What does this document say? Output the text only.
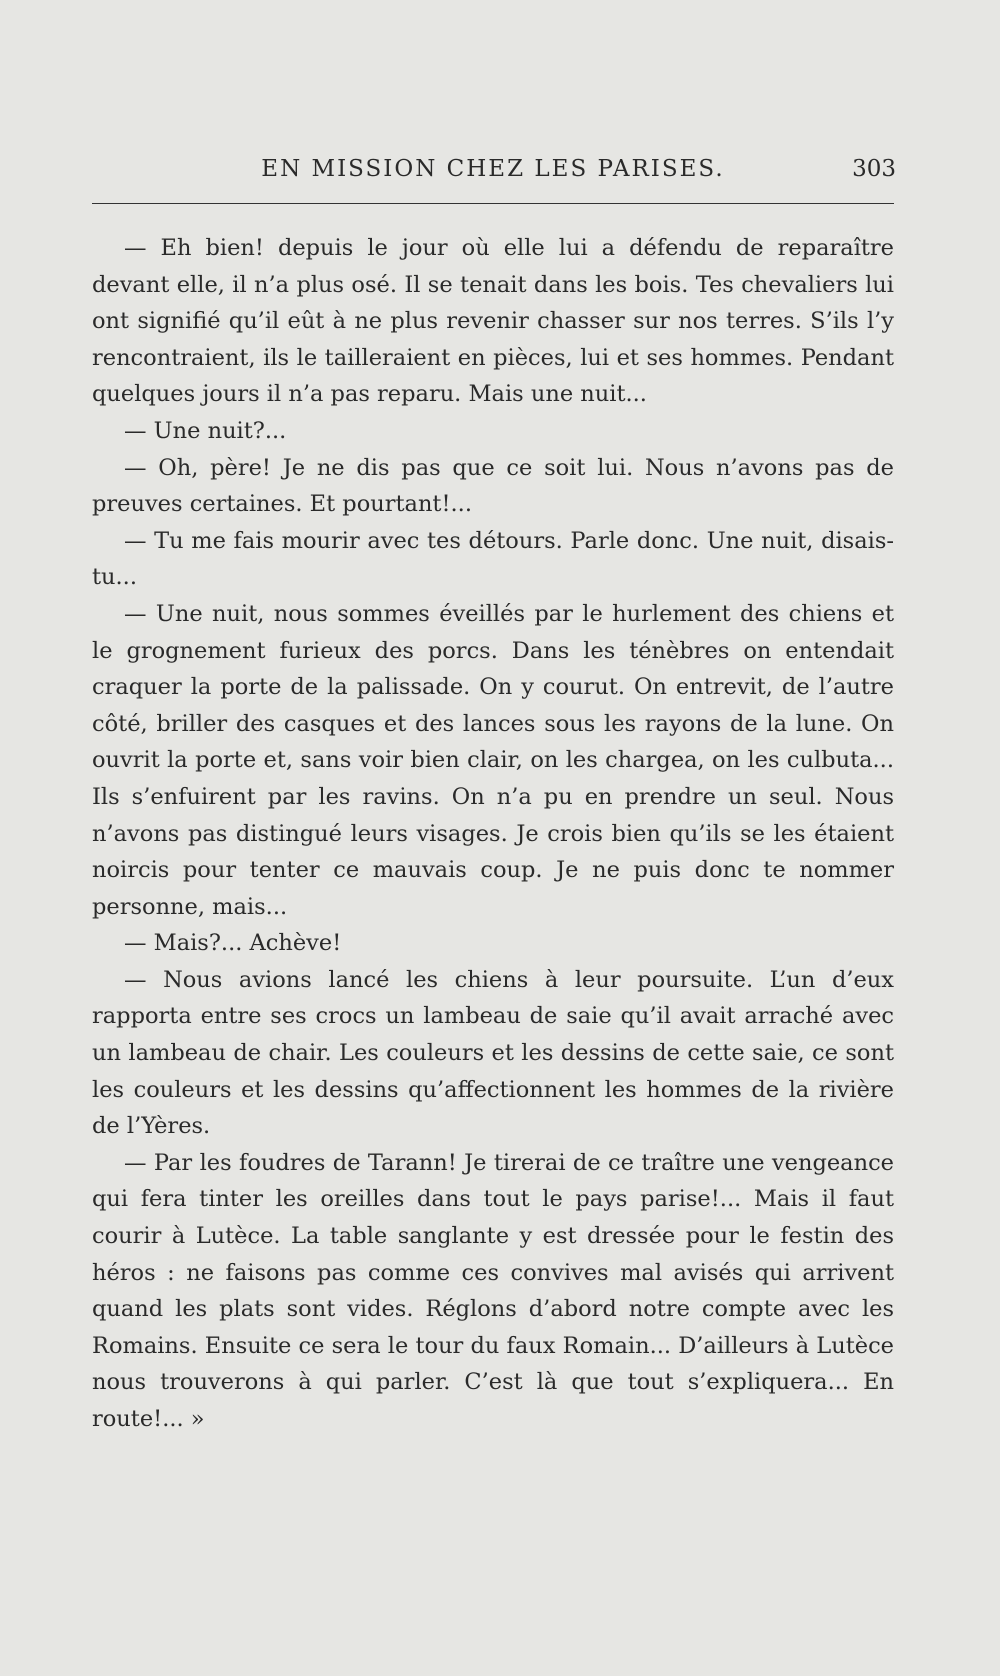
EN MISSION CHEZ LES PARISES.	303

— Eh bien! depuis le jour où elle lui a défendu de reparaître devant elle, il n’a plus osé. Il se tenait dans les bois. Tes chevaliers lui ont signifié qu’il eût à ne plus revenir chasser sur nos terres. S’ils l’y rencontraient, ils le tailleraient en pièces, lui et ses hommes. Pendant quelques jours il n’a pas reparu. Mais une nuit...

— Une nuit?...

— Oh, père! Je ne dis pas que ce soit lui. Nous n’avons pas de preuves certaines. Et pourtant!...

— Tu me fais mourir avec tes détours. Parle donc. Une nuit, disais-tu...

— Une nuit, nous sommes éveillés par le hurlement des chiens et le grognement furieux des porcs. Dans les ténèbres on entendait craquer la porte de la palissade. On y courut. On entrevit, de l’autre côté, briller des casques et des lances sous les rayons de la lune. On ouvrit la porte et, sans voir bien clair, on les chargea, on les culbuta... Ils s’enfuirent par les ravins. On n’a pu en prendre un seul. Nous n’avons pas distingué leurs visages. Je crois bien qu’ils se les étaient noircis pour tenter ce mauvais coup. Je ne puis donc te nommer personne, mais...

— Mais?... Achève!

— Nous avions lancé les chiens à leur poursuite. L’un d’eux rapporta entre ses crocs un lambeau de saie qu’il avait arraché avec un lambeau de chair. Les couleurs et les dessins de cette saie, ce sont les couleurs et les dessins qu’affectionnent les hommes de la rivière de l’Yères.

— Par les foudres de Tarann! Je tirerai de ce traître une vengeance qui fera tinter les oreilles dans tout le pays parise!... Mais il faut courir à Lutèce. La table sanglante y est dressée pour le festin des héros : ne faisons pas comme ces convives mal avisés qui arrivent quand les plats sont vides. Réglons d’abord notre compte avec les Romains. Ensuite ce sera le tour du faux Romain... D’ailleurs à Lutèce nous trouverons à qui parler. C’est là que tout s’expliquera... En route!... »
